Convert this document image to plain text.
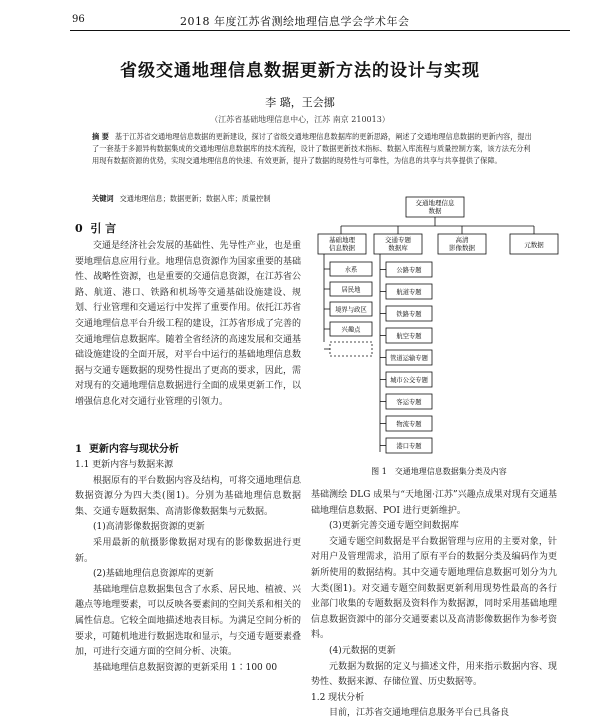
96	2018 年度江苏省测绘地理信息学会学术年会
省级交通地理信息数据更新方法的设计与实现
李 璐，王会挪
（江苏省基础地理信息中心，江苏 南京 210013）
摘 要 基于江苏省交通地理信息数据的更新建设，探讨了省级交通地理信息数据库的更新思路，阐述了交通地理信息数据的更新内容，提出了一套基于多源异构数据集成的交通地理信息数据库的技术流程，设计了数据更新技术指标、数据入库流程与质量控制方案，该方法充分利用现有数据资源的优势，实现交通地理信息的快速、有效更新，提升了数据的现势性与可靠性，为信息的共享与共享提供了保障。
关键词 交通地理信息；数据更新；数据入库；质量控制
0 引 言

交通是经济社会发展的基础性、先导性产业，也是重要地理信息应用行业。地理信息资源作为国家重要的基础性、战略性资源，也是重要的交通信息资源，在江苏省公路、航道、港口、铁路和机场等交通基础设施建设、规划、行业管理和交通运行中发挥了重要作用。依托江苏省交通地理信息平台升级工程的建设，江苏省形成了完善的交通地理信息数据库。随着全省经济的高速发展和交通基础设施建设的全面开展，对平台中运行的基础地理信息数据与交通专题数据的现势性提出了更高的要求，因此，需对现有的交通地理信息数据进行全面的成果更新工作，以增强信息化对交通行业管理的引领力。

1 更新内容与现状分析

1.1 更新内容与数据来源

根据原有的平台数据内容及结构，可将交通地理信息数据资源分为四大类(图1)。分别为基础地理信息数据集、交通专题数据集、高清影像数据集与元数据。

(1)高清影像数据资源的更新

采用最新的航摄影像数据对现有的影像数据进行更新。

(2)基础地理信息资源库的更新

基础地理信息数据集包含了水系、居民地、植被、兴趣点等地理要素，可以反映各要素间的空间关系和相关的属性信息。它较全面地描述地表目标。为满足空间分析的要求，可随机地进行数据选取和显示，与交通专题要素叠加，可进行交通方面的空间分析、决策。

基础地理信息数据资源的更新采用 1∶100 00

水系
居民地
境界与政区
兴趣点
公路专题
航道专题
铁路专题
航空专题
管道运输专题
城市公交专题
客运专题
物流专题
港口专题
交通地理信息数据
基础地理信息数据
交通专题数据库
高清影像数据	元数据
图 1　交通地理信息数据集分类及内容

基础测绘 DLG 成果与“天地图·江苏”兴趣点成果对现有交通基础地理信息数据、POI 进行更新维护。

(3)更新完善交通专题空间数据库

交通专题空间数据是平台数据管理与应用的主要对象，针对用户及管理需求，沿用了原有平台的数据分类及编码作为更新所使用的数据结构。其中交通专题地理信息数据可划分为九大类(图1)。对交通专题空间数据更新利用现势性最高的各行业部门收集的专题数据及资料作为数据源，同时采用基础地理信息数据资源中的部分交通要素以及高清影像数据作为参考资料。

(4)元数据的更新

元数据为数据的定义与描述文件，用来指示数据内容、现势性、数据来源、存储位置、历史数据等。

1.2 现状分析

目前，江苏省交通地理信息服务平台已具备良
